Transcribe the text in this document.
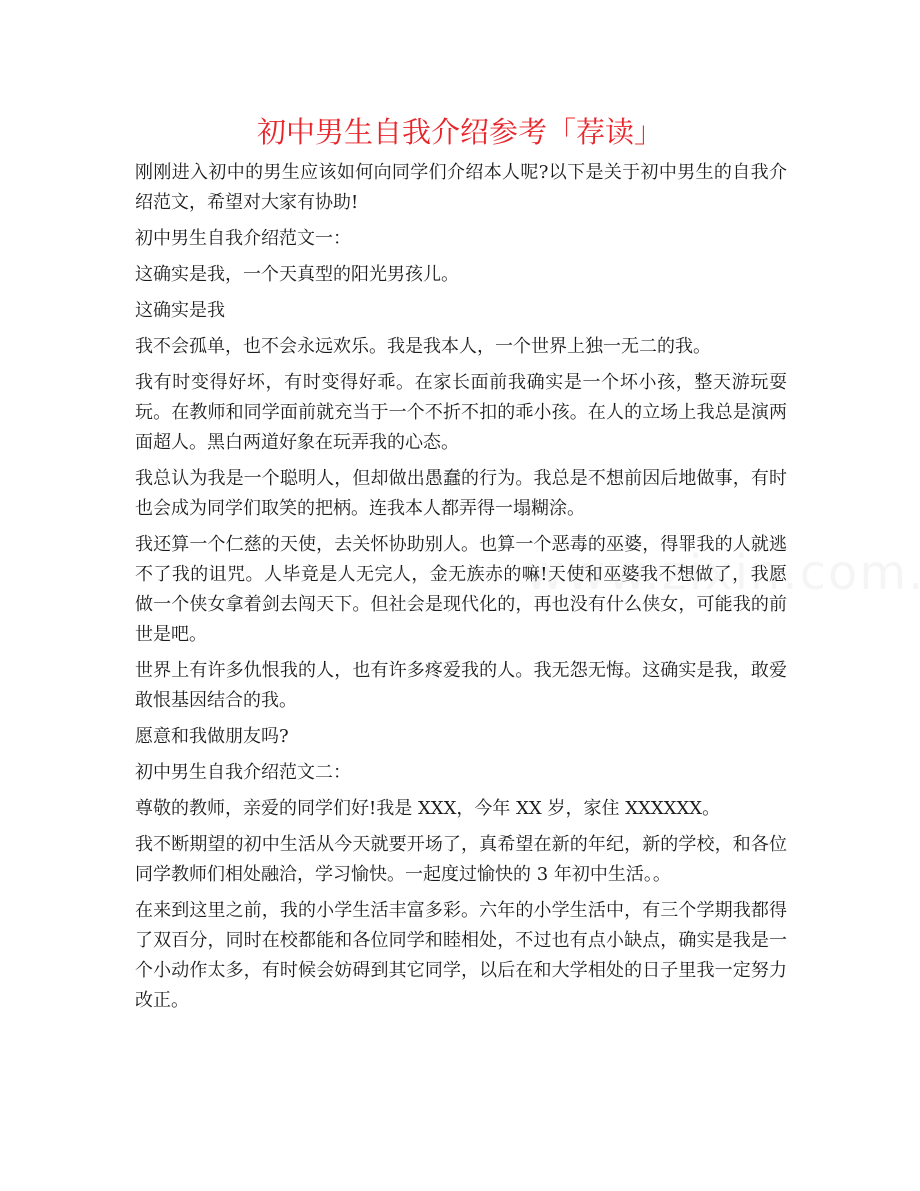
初中男生自我介绍参考「荐读」

刚刚进入初中的男生应该如何向同学们介绍本人呢?以下是关于初中男生的自我介绍范文，希望对大家有协助!

初中男生自我介绍范文一：

这确实是我，一个天真型的阳光男孩儿。

这确实是我

我不会孤单，也不会永远欢乐。我是我本人，一个世界上独一无二的我。

我有时变得好坏，有时变得好乖。在家长面前我确实是一个坏小孩，整天游玩耍玩。在教师和同学面前就充当于一个不折不扣的乖小孩。在人的立场上我总是演两面超人。黑白两道好象在玩弄我的心态。

我总认为我是一个聪明人，但却做出愚蠢的行为。我总是不想前因后地做事，有时也会成为同学们取笑的把柄。连我本人都弄得一塌糊涂。

我还算一个仁慈的天使，去关怀协助别人。也算一个恶毒的巫婆，得罪我的人就逃不了我的诅咒。人毕竟是人无完人，金无族赤的嘛!天使和巫婆我不想做了，我愿做一个侠女拿着剑去闯天下。但社会是现代化的，再也没有什么侠女，可能我的前世是吧。

世界上有许多仇恨我的人，也有许多疼爱我的人。我无怨无悔。这确实是我，敢爱敢恨基因结合的我。

愿意和我做朋友吗?

初中男生自我介绍范文二：

尊敬的教师，亲爱的同学们好!我是 XXX，今年 XX 岁，家住 XXXXXX。

我不断期望的初中生活从今天就要开场了，真希望在新的年纪，新的学校，和各位同学教师们相处融洽，学习愉快。一起度过愉快的 3 年初中生活。。

在来到这里之前，我的小学生活丰富多彩。六年的小学生活中，有三个学期我都得了双百分，同时在校都能和各位同学和睦相处，不过也有点小缺点，确实是我是一个小动作太多，有时候会妨碍到其它同学，以后在和大学相处的日子里我一定努力改正。
